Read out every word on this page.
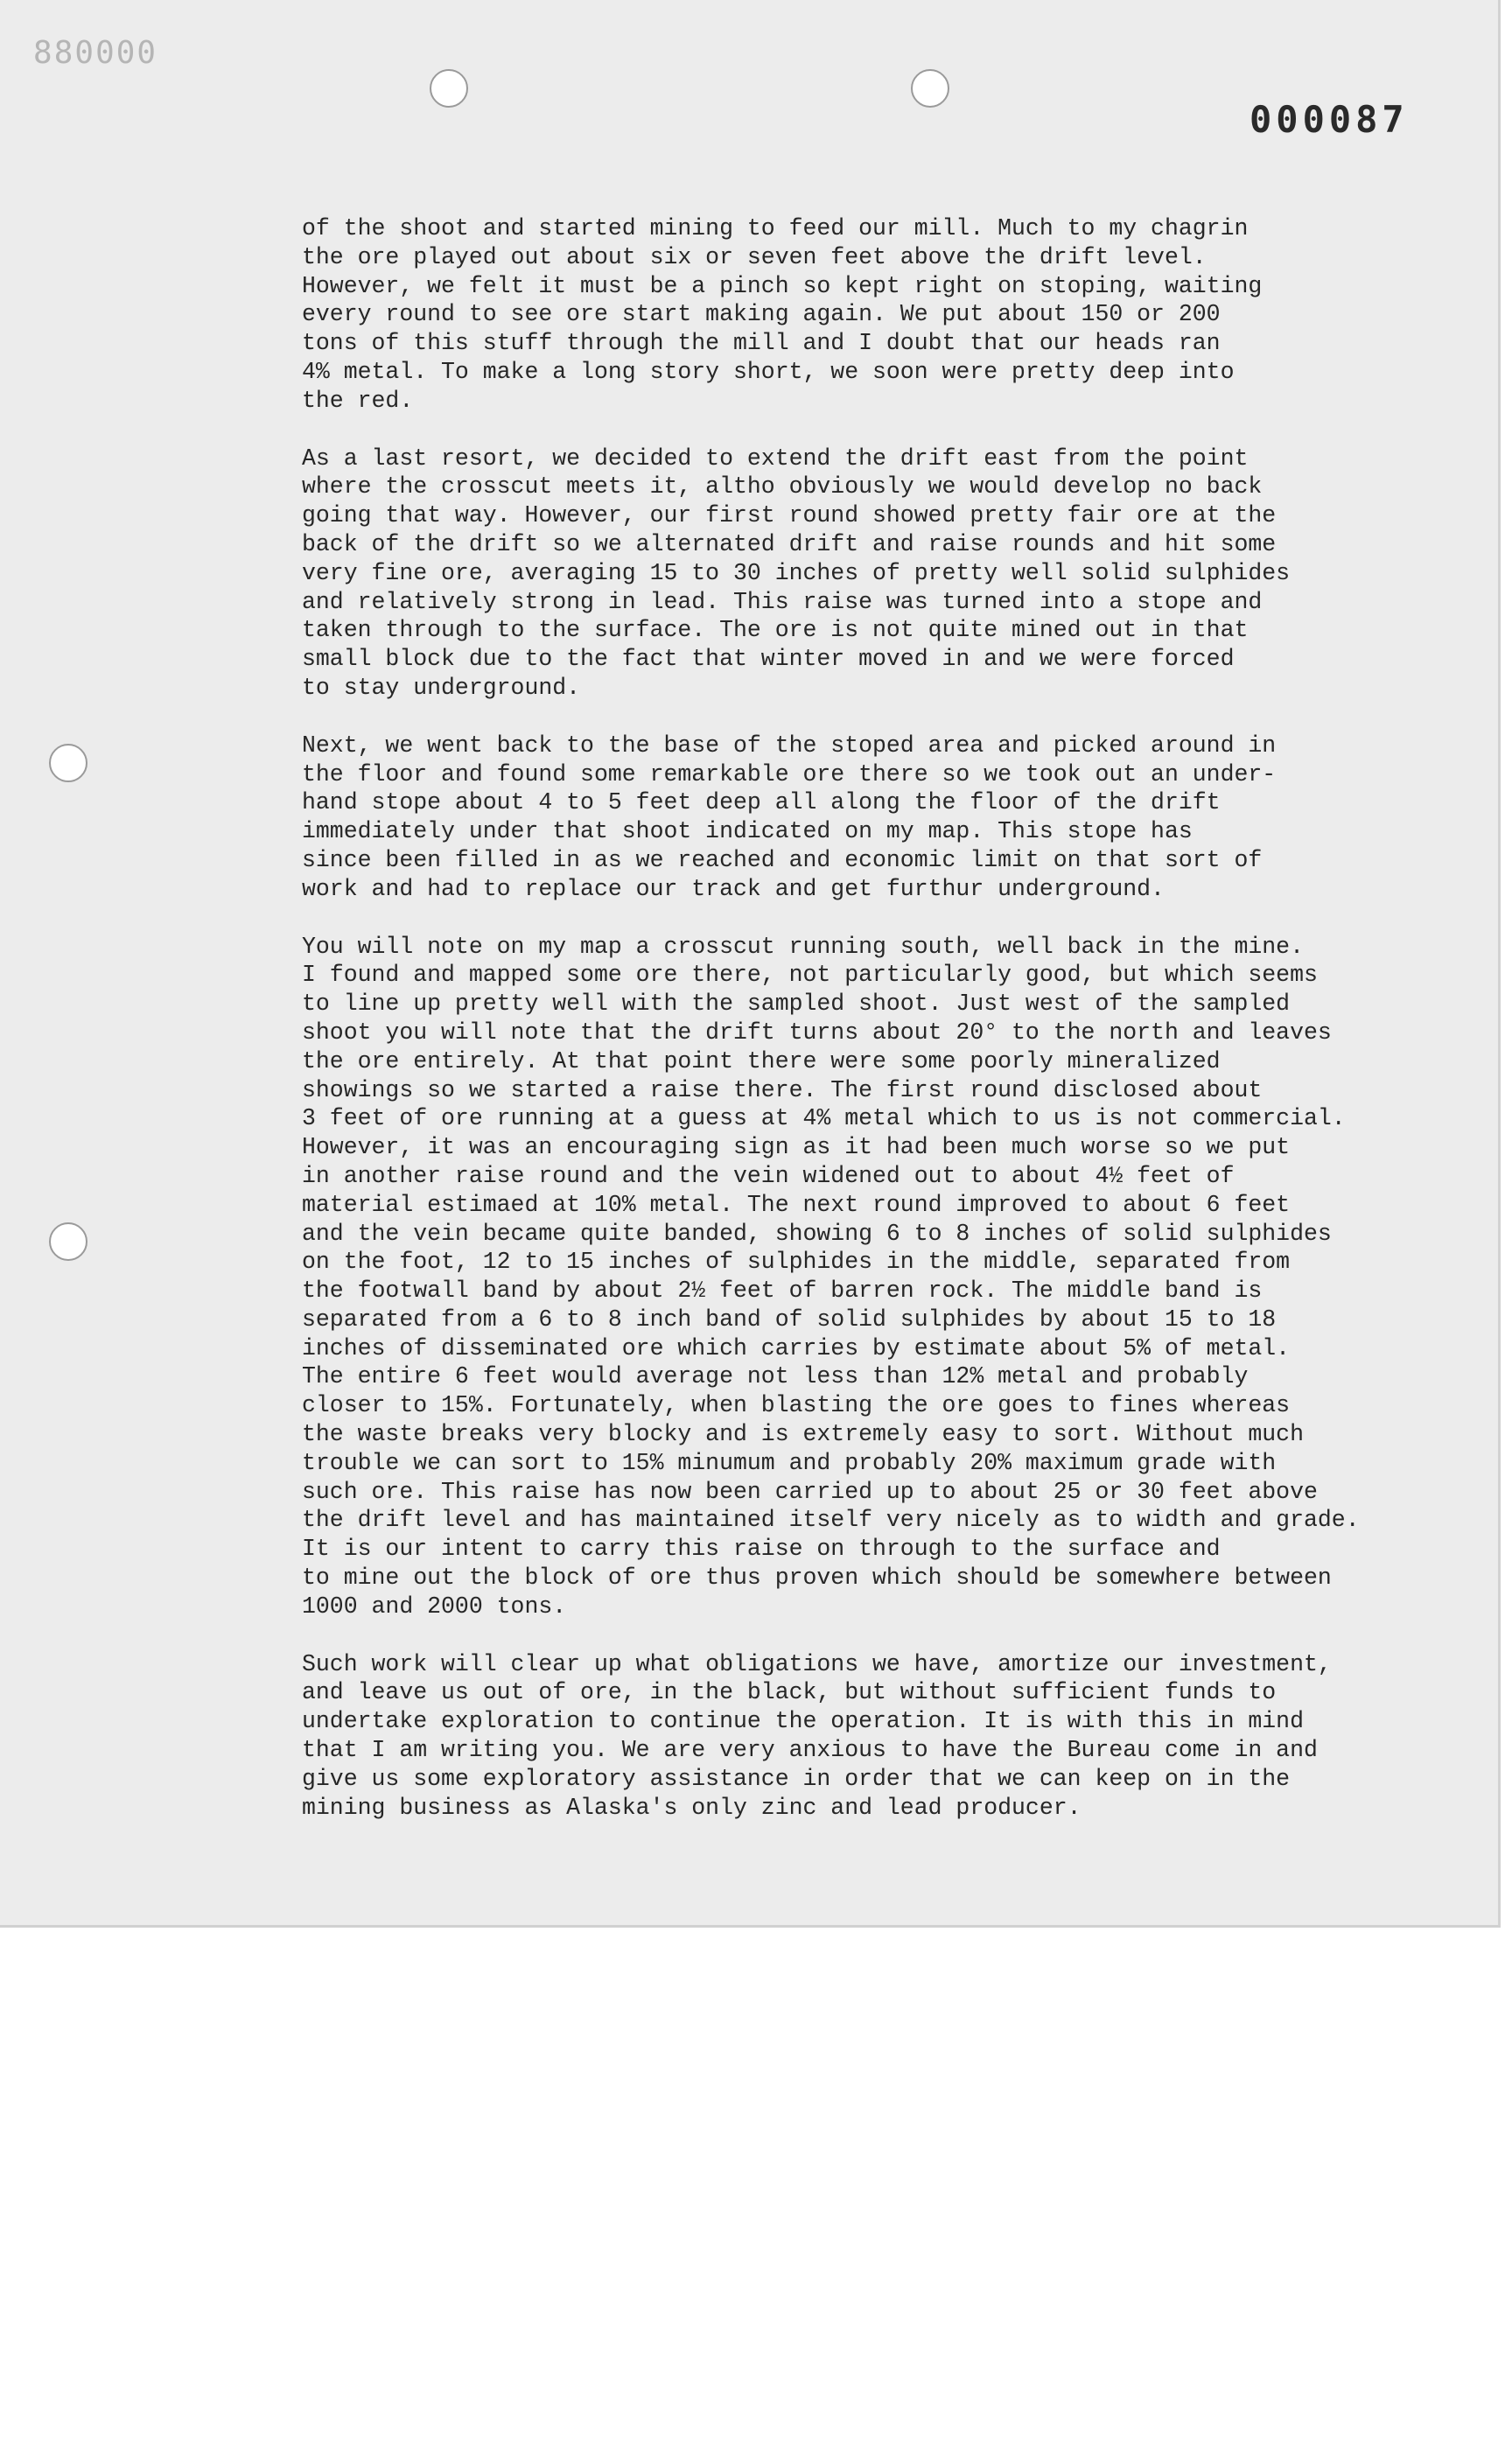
000088
000087
of the shoot and started mining to feed our mill. Much to my chagrin
the ore played out about six or seven feet above the drift level.
However, we felt it must be a pinch so kept right on stoping, waiting
every round to see ore start making again. We put about 150 or 200
tons of this stuff through the mill and I doubt that our heads ran
4% metal. To make a long story short, we soon were pretty deep into
the red.
As a last resort, we decided to extend the drift east from the point
where the crosscut meets it, altho obviously we would develop no back
going that way. However, our first round showed pretty fair ore at the
back of the drift so we alternated drift and raise rounds and hit some
very fine ore, averaging 15 to 30 inches of pretty well solid sulphides
and relatively strong in lead. This raise was turned into a stope and
taken through to the surface. The ore is not quite mined out in that
small block due to the fact that winter moved in and we were forced
to stay underground.
Next, we went back to the base of the stoped area and picked around in
the floor and found some remarkable ore there so we took out an under-
hand stope about 4 to 5 feet deep all along the floor of the drift
immediately under that shoot indicated on my map. This stope has
since been filled in as we reached and economic limit on that sort of
work and had to replace our track and get furthur underground.
You will note on my map a crosscut running south, well back in the mine.
I found and mapped some ore there, not particularly good, but which seems
to line up pretty well with the sampled shoot. Just west of the sampled
shoot you will note that the drift turns about 20° to the north and leaves
the ore entirely. At that point there were some poorly mineralized
showings so we started a raise there. The first round disclosed about
3 feet of ore running at a guess at 4% metal which to us is not commercial.
However, it was an encouraging sign as it had been much worse so we put
in another raise round and the vein widened out to about 4½ feet of
material estimaed at 10% metal. The next round improved to about 6 feet
and the vein became quite banded, showing 6 to 8 inches of solid sulphides
on the foot, 12 to 15 inches of sulphides in the middle, separated from
the footwall band by about 2½ feet of barren rock. The middle band is
separated from a 6 to 8 inch band of solid sulphides by about 15 to 18
inches of disseminated ore which carries by estimate about 5% of metal.
The entire 6 feet would average not less than 12% metal and probably
closer to 15%. Fortunately, when blasting the ore goes to fines whereas
the waste breaks very blocky and is extremely easy to sort. Without much
trouble we can sort to 15% minumum and probably 20% maximum grade with
such ore. This raise has now been carried up to about 25 or 30 feet above
the drift level and has maintained itself very nicely as to width and grade.
It is our intent to carry this raise on through to the surface and
to mine out the block of ore thus proven which should be somewhere between
1000 and 2000 tons.
Such work will clear up what obligations we have, amortize our investment,
and leave us out of ore, in the black, but without sufficient funds to
undertake exploration to continue the operation. It is with this in mind
that I am writing you. We are very anxious to have the Bureau come in and
give us some exploratory assistance in order that we can keep on in the
mining business as Alaska's only zinc and lead producer.
